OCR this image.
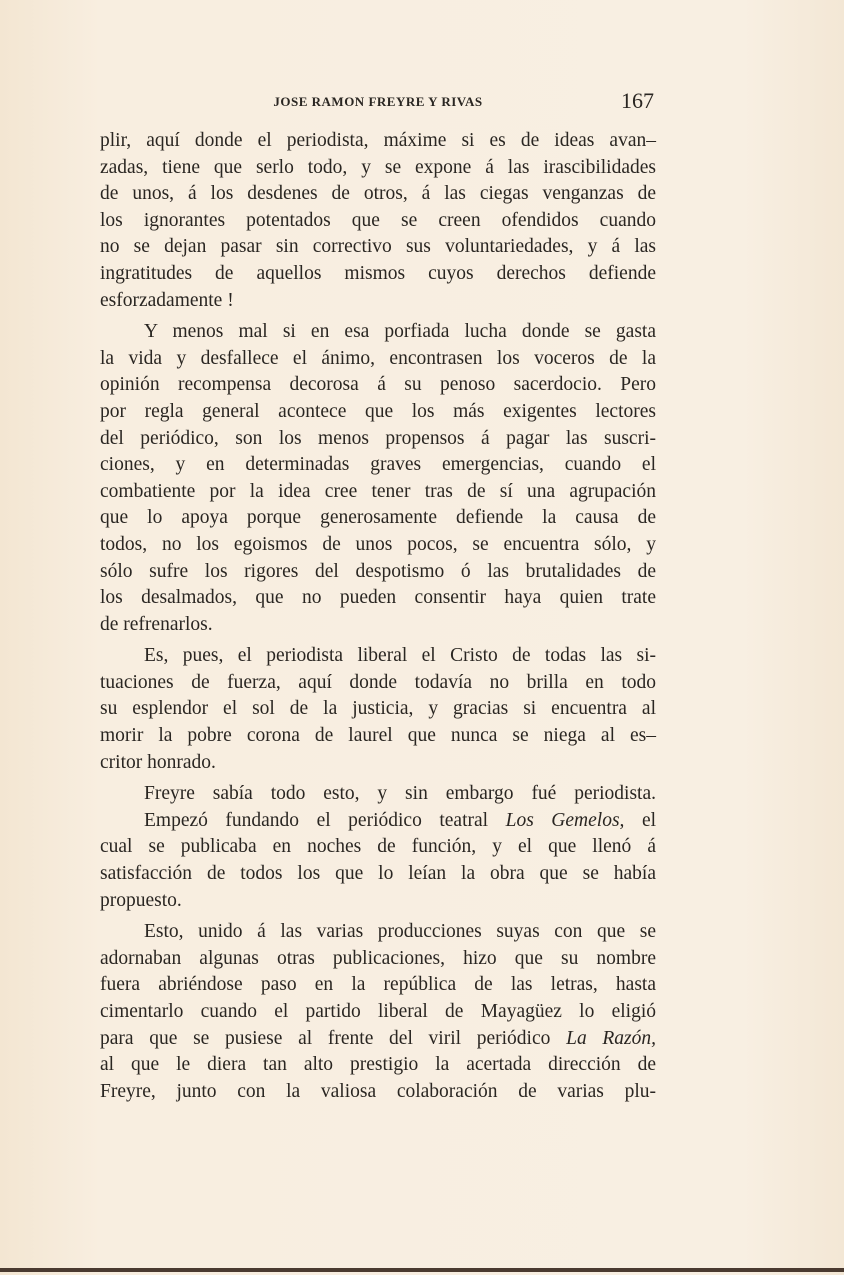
JOSE RAMON FREYRE Y RIVAS	167

plir, aquí donde el periodista, máxime si es de ideas avan–
zadas, tiene que serlo todo, y se expone á las irascibilidades
de unos, á los desdenes de otros, á las ciegas venganzas de
los ignorantes potentados que se creen ofendidos cuando
no se dejan pasar sin correctivo sus voluntariedades, y á las
ingratitudes de aquellos mismos cuyos derechos defiende
esforzadamente !

Y menos mal si en esa porfiada lucha donde se gasta
la vida y desfallece el ánimo, encontrasen los voceros de la
opinión recompensa decorosa á su penoso sacerdocio. Pero
por regla general acontece que los más exigentes lectores
del periódico, son los menos propensos á pagar las suscri-
ciones, y en determinadas graves emergencias, cuando el
combatiente por la idea cree tener tras de sí una agrupación
que lo apoya porque generosamente defiende la causa de
todos, no los egoismos de unos pocos, se encuentra sólo, y
sólo sufre los rigores del despotismo ó las brutalidades de
los desalmados, que no pueden consentir haya quien trate
de refrenarlos.

Es, pues, el periodista liberal el Cristo de todas las si-
tuaciones de fuerza, aquí donde todavía no brilla en todo
su esplendor el sol de la justicia, y gracias si encuentra al
morir la pobre corona de laurel que nunca se niega al es–
critor honrado.

Freyre sabía todo esto, y sin embargo fué periodista.

Empezó fundando el periódico teatral Los Gemelos, el
cual se publicaba en noches de función, y el que llenó á
satisfacción de todos los que lo leían la obra que se había
propuesto.

Esto, unido á las varias producciones suyas con que se
adornaban algunas otras publicaciones, hizo que su nombre
fuera abriéndose paso en la república de las letras, hasta
cimentarlo cuando el partido liberal de Mayagüez lo eligió
para que se pusiese al frente del viril periódico La Razón,
al que le diera tan alto prestigio la acertada dirección de
Freyre, junto con la valiosa colaboración de varias plu-
